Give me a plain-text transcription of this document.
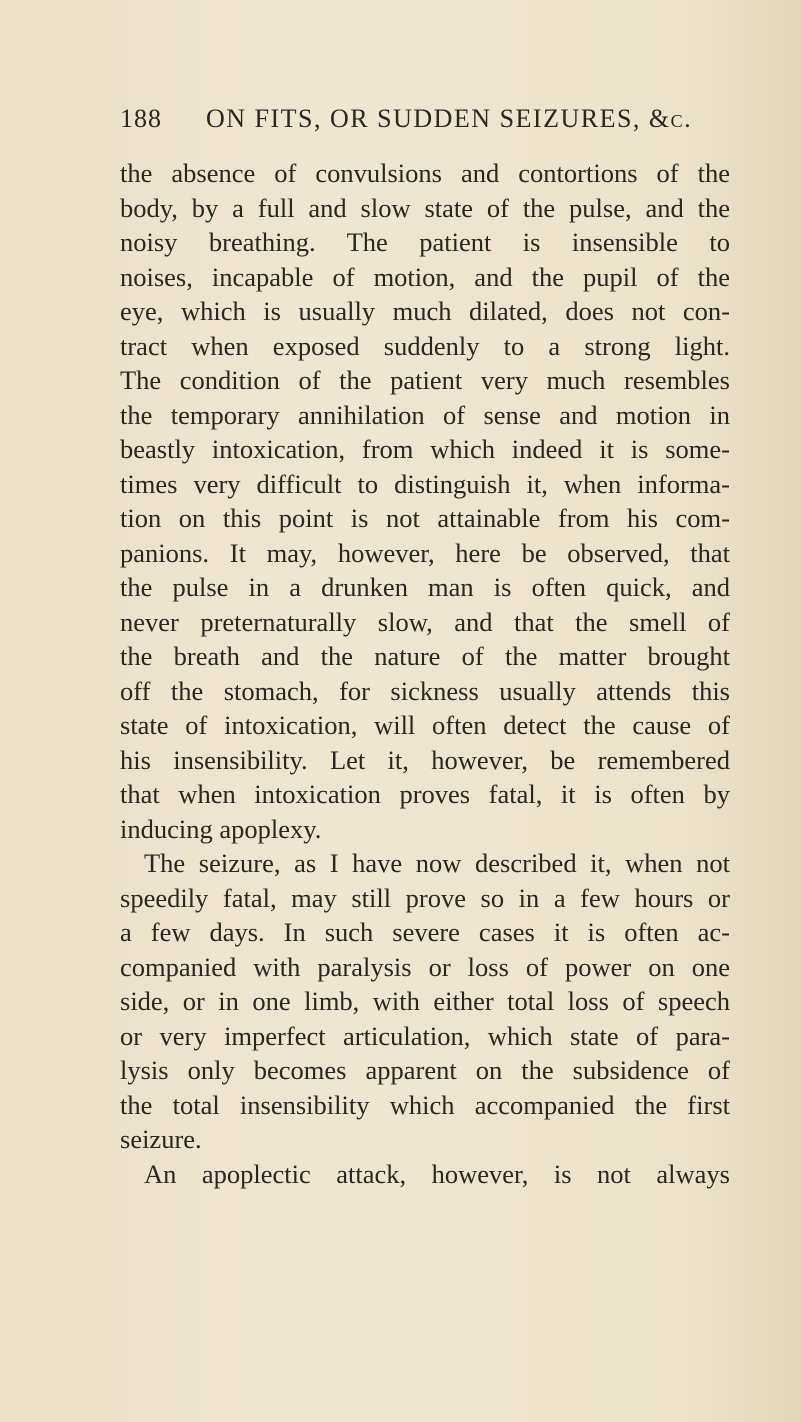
188 ON FITS, OR SUDDEN SEIZURES, &c.
the absence of convulsions and contortions of the
body, by a full and slow state of the pulse, and the
noisy breathing. The patient is insensible to
noises, incapable of motion, and the pupil of the
eye, which is usually much dilated, does not con-
tract when exposed suddenly to a strong light.
The condition of the patient very much resembles
the temporary annihilation of sense and motion in
beastly intoxication, from which indeed it is some-
times very difficult to distinguish it, when informa-
tion on this point is not attainable from his com-
panions. It may, however, here be observed, that
the pulse in a drunken man is often quick, and
never preternaturally slow, and that the smell of
the breath and the nature of the matter brought
off the stomach, for sickness usually attends this
state of intoxication, will often detect the cause of
his insensibility. Let it, however, be remembered
that when intoxication proves fatal, it is often by
inducing apoplexy.
The seizure, as I have now described it, when not
speedily fatal, may still prove so in a few hours or
a few days. In such severe cases it is often ac-
companied with paralysis or loss of power on one
side, or in one limb, with either total loss of speech
or very imperfect articulation, which state of para-
lysis only becomes apparent on the subsidence of
the total insensibility which accompanied the first
seizure.
An apoplectic attack, however, is not always
